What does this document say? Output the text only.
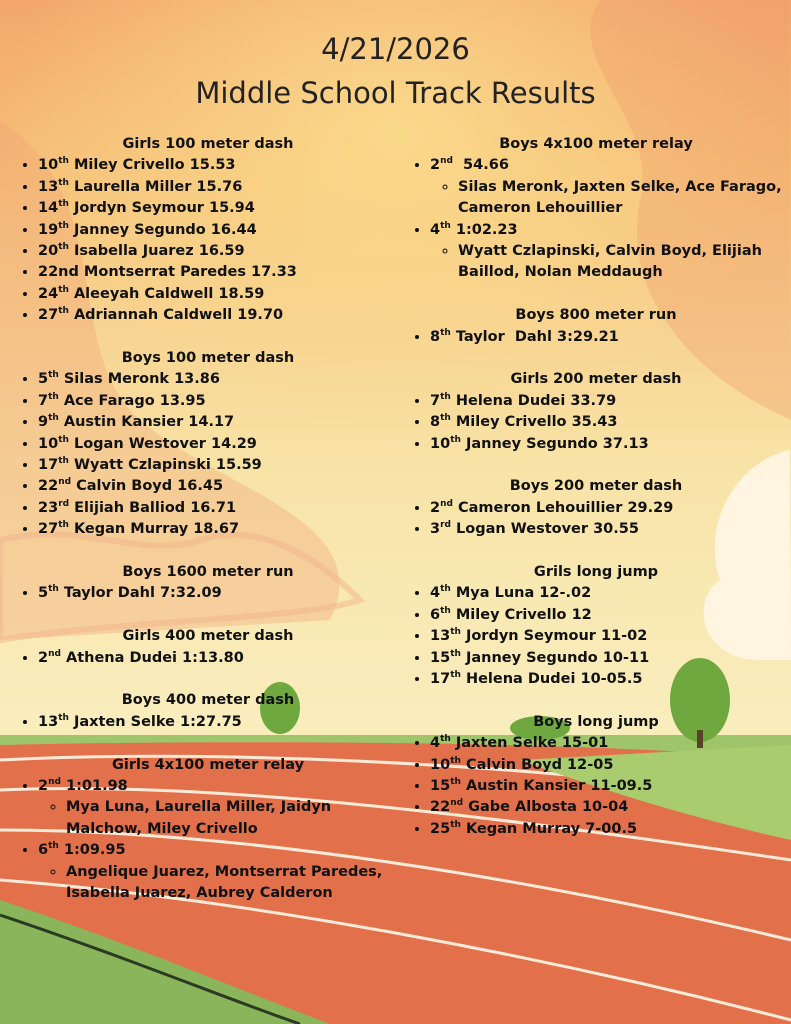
4/21/2026
Middle School Track Results
Girls 100 meter dash
• 10th Miley Crivello 15.53
• 13th Laurella Miller 15.76
• 14th Jordyn Seymour 15.94
• 19th Janney Segundo 16.44
• 20th Isabella Juarez 16.59
• 22nd Montserrat Paredes 17.33
• 24th Aleeyah Caldwell 18.59
• 27th Adriannah Caldwell 19.70
Boys 100 meter dash
• 5th Silas Meronk 13.86
• 7th Ace Farago 13.95
• 9th Austin Kansier 14.17
• 10th Logan Westover 14.29
• 17th Wyatt Czlapinski 15.59
• 22nd Calvin Boyd 16.45
• 23rd Elijiah Balliod 16.71
• 27th Kegan Murray 18.67
Boys 1600 meter run
• 5th Taylor Dahl 7:32.09
Girls 400 meter dash
• 2nd Athena Dudei 1:13.80
Boys 400 meter dash
• 13th Jaxten Selke 1:27.75
Girls 4x100 meter relay
• 2nd 1:01.98
◦ Mya Luna, Laurella Miller, Jaidyn Malchow, Miley Crivello
• 6th 1:09.95
◦ Angelique Juarez, Montserrat Paredes, Isabella Juarez, Aubrey Calderon
Boys 4x100 meter relay
• 2nd  54.66
◦ Silas Meronk, Jaxten Selke, Ace Farago, Cameron Lehouillier
• 4th 1:02.23
◦ Wyatt Czlapinski, Calvin Boyd, Elijiah Baillod, Nolan Meddaugh
Boys 800 meter run
• 8th Taylor  Dahl 3:29.21
Girls 200 meter dash
• 7th Helena Dudei 33.79
• 8th Miley Crivello 35.43
• 10th Janney Segundo 37.13
Boys 200 meter dash
• 2nd Cameron Lehouillier 29.29
• 3rd Logan Westover 30.55
Grils long jump
• 4th Mya Luna 12-.02
• 6th Miley Crivello 12
• 13th Jordyn Seymour 11-02
• 15th Janney Segundo 10-11
• 17th Helena Dudei 10-05.5
Boys long jump
• 4th Jaxten Selke 15-01
• 10th Calvin Boyd 12-05
• 15th Austin Kansier 11-09.5
• 22nd Gabe Albosta 10-04
• 25th Kegan Murray 7-00.5
